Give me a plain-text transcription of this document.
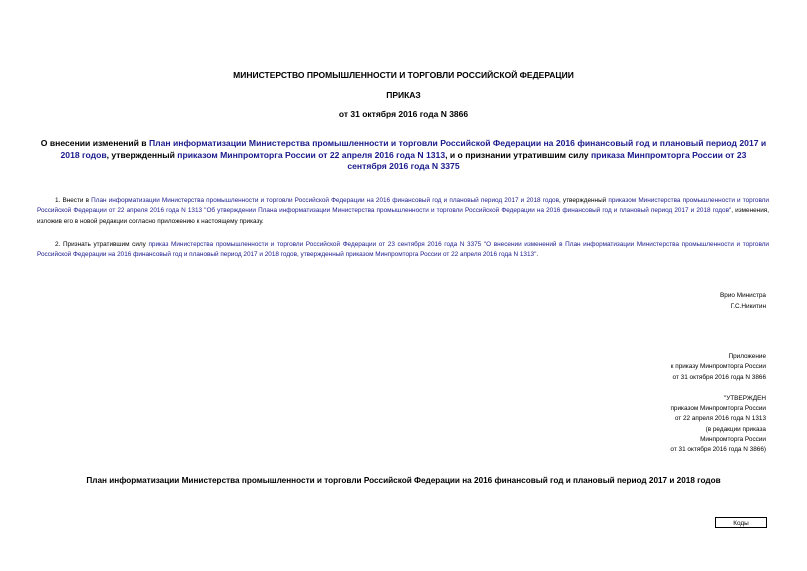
МИНИСТЕРСТВО ПРОМЫШЛЕННОСТИ И ТОРГОВЛИ РОССИЙСКОЙ ФЕДЕРАЦИИ
ПРИКАЗ
от 31 октября 2016 года N 3866
О внесении изменений в План информатизации Министерства промышленности и торговли Российской Федерации на 2016 финансовый год и плановый период 2017 и 2018 годов, утвержденный приказом Минпромторга России от 22 апреля 2016 года N 1313, и о признании утратившим силу приказа Минпромторга России от 23 сентября 2016 года N 3375
1. Внести в План информатизации Министерства промышленности и торговли Российской Федерации на 2016 финансовый год и плановый период 2017 и 2018 годов, утвержденный приказом Министерства промышленности и торговли Российской Федерации от 22 апреля 2016 года N 1313 "Об утверждении Плана информатизации Министерства промышленности и торговли Российской Федерации на 2016 финансовый год и плановый период 2017 и 2018 годов", изменения, изложив его в новой редакции согласно приложению к настоящему приказу.
2. Признать утратившим силу приказ Министерства промышленности и торговли Российской Федерации от 23 сентября 2016 года N 3375 "О внесении изменений в План информатизации Министерства промышленности и торговли Российской Федерации на 2016 финансовый год и плановый период 2017 и 2018 годов, утвержденный приказом Минпромторга России от 22 апреля 2016 года N 1313".
Врио Министра
Г.С.Никитин
Приложение
к приказу Минпромторга России
от 31 октября 2016 года N 3866
"УТВЕРЖДЕН
приказом Минпромторга России
от 22 апреля 2016 года N 1313
(в редакции приказа
Минпромторга России
от 31 октября 2016 года N 3866)
План информатизации Министерства промышленности и торговли Российской Федерации на 2016 финансовый год и плановый период 2017 и 2018 годов
Коды
